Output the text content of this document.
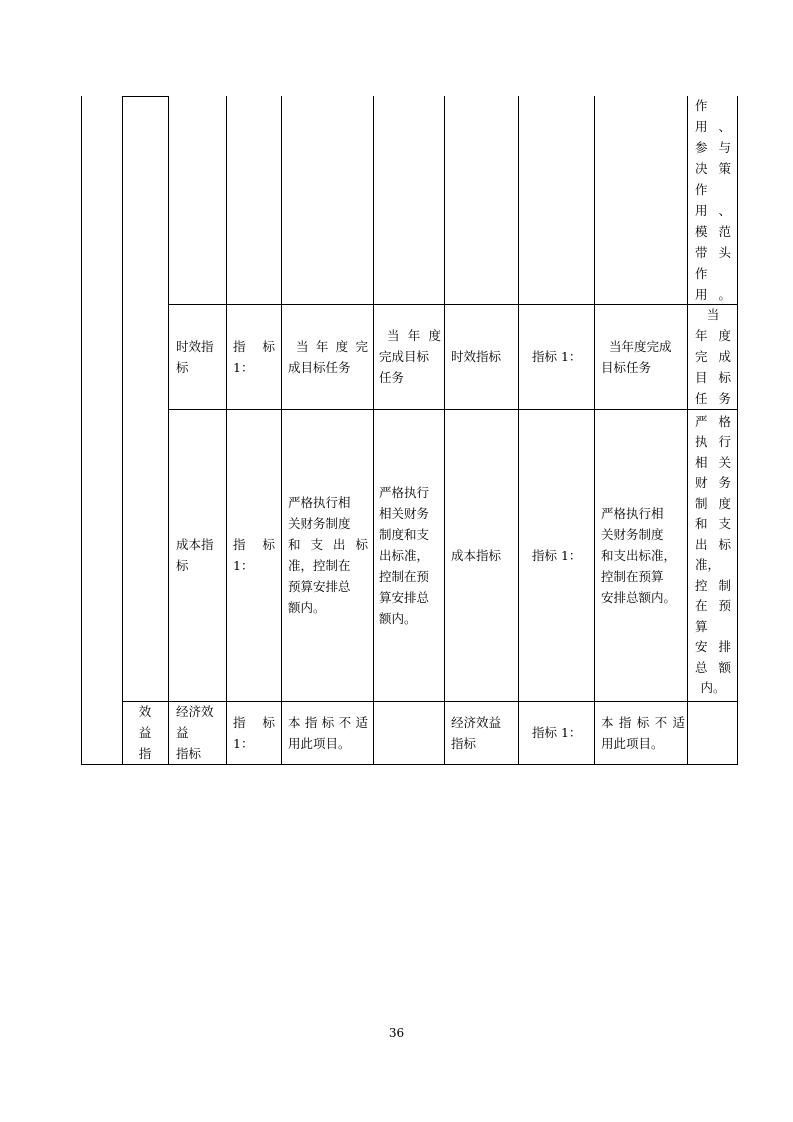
作
用 、
参 与
决 策
作
用 、
模 范
带 头
作
用。
时效指
标
指 标
1：
当 年 度 完
成目标任务
当 年 度
完成目标
任务
时效指标	指标 1：
当年度完成
目标任务
当
年 度
完 成
目 标
任务
成本指
标
指 标
1：
严格执行相
关财务制度
和 支 出 标
准，控制在
预算安排总
额内。
严格执行
相关财务
制度和支
出标准，
控制在预
算安排总
额内。
成本指标	指标 1：
严格执行相
关财务制度
和支出标准，
控制在预算
安排总额内。
严 格
执 行
相 关
财 务
制 度
和 支
出 标
准，
控 制
在 预
算
安 排
总 额
内。
效
益
指
经济效
益
指标
指 标
1：
本指标不适
用此项目。
经济效益
指标
指标 1：
本指标不适
用此项目。
36
